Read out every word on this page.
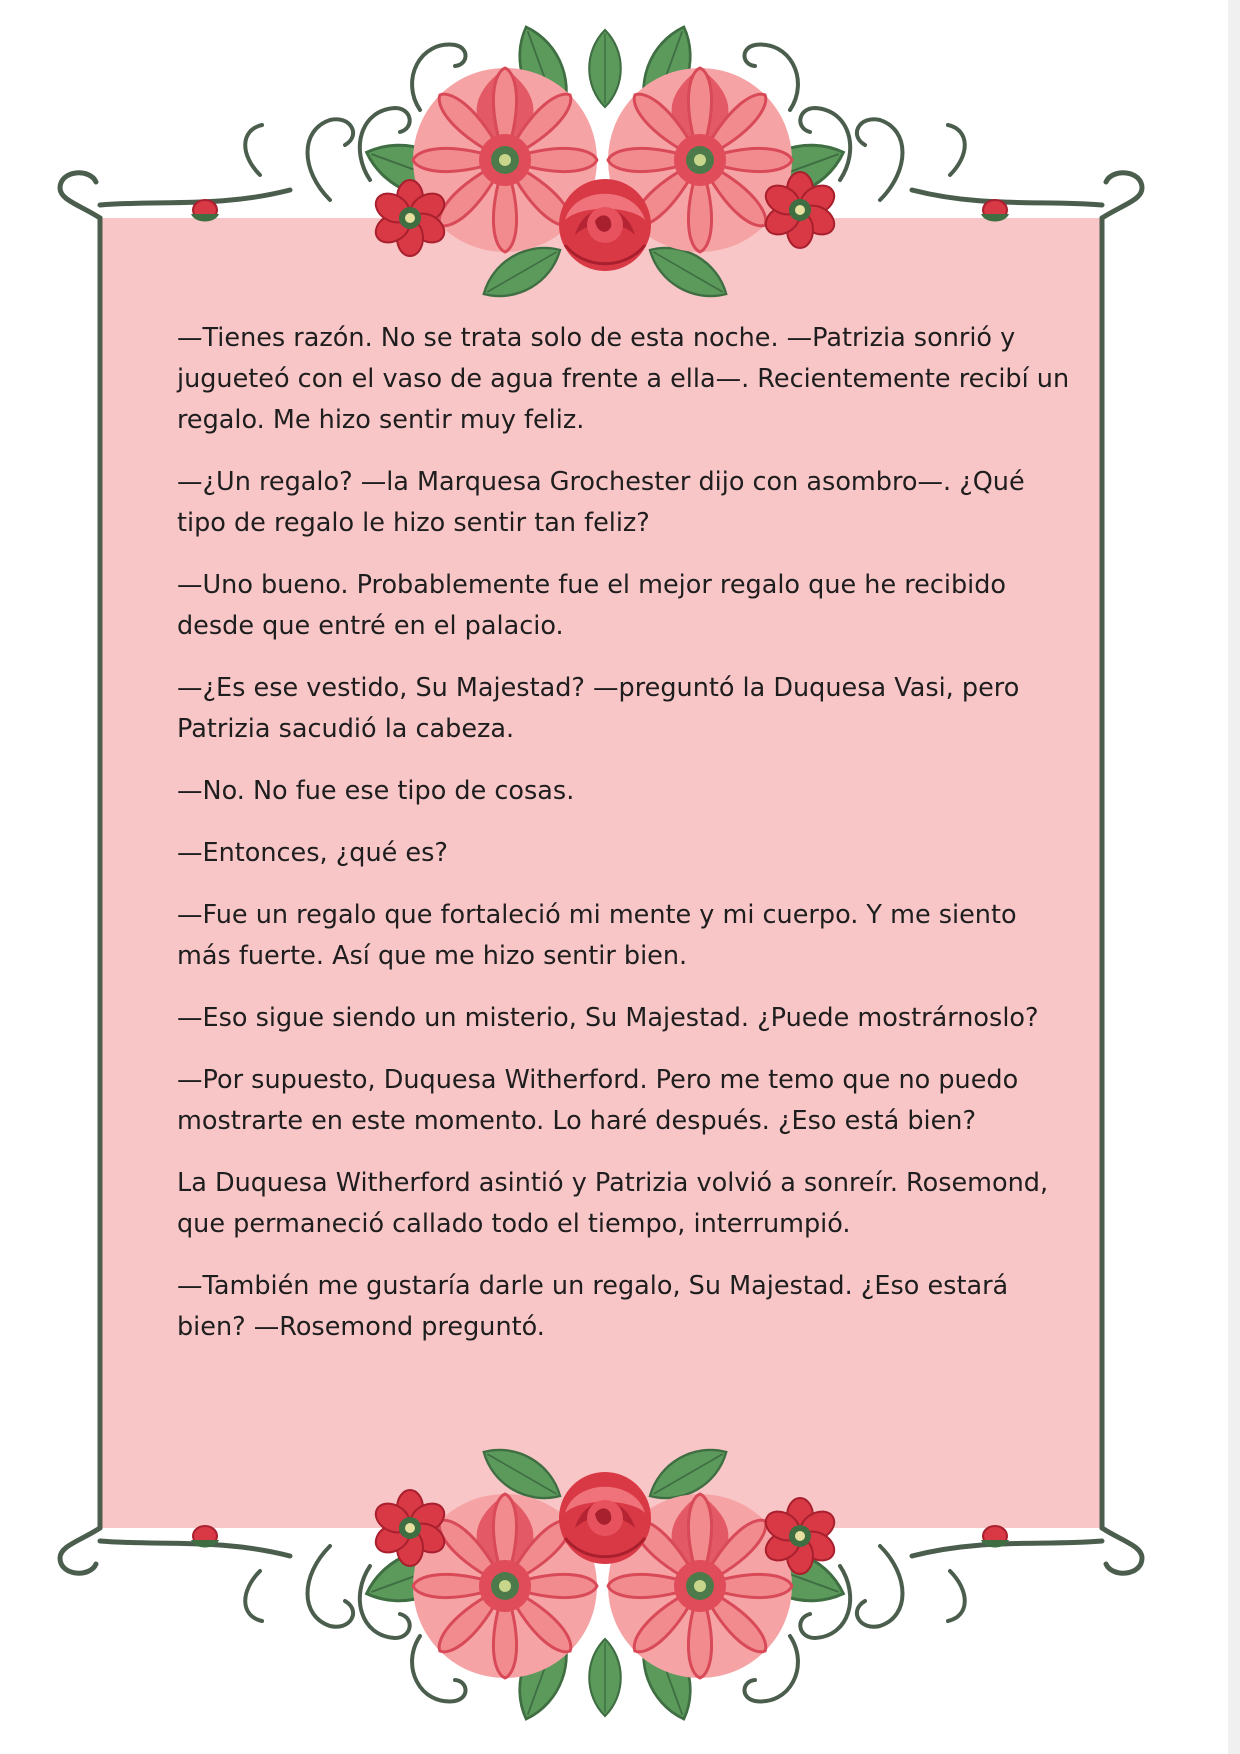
—Tienes razón. No se trata solo de esta noche. —Patrizia sonrió y jugueteó con el vaso de agua frente a ella—. Recientemente recibí un regalo. Me hizo sentir muy feliz.

—¿Un regalo? —la Marquesa Grochester dijo con asombro—. ¿Qué tipo de regalo le hizo sentir tan feliz?

—Uno bueno. Probablemente fue el mejor regalo que he recibido desde que entré en el palacio.

—¿Es ese vestido, Su Majestad? —preguntó la Duquesa Vasi, pero Patrizia sacudió la cabeza.

—No. No fue ese tipo de cosas.

—Entonces, ¿qué es?

—Fue un regalo que fortaleció mi mente y mi cuerpo. Y me siento más fuerte. Así que me hizo sentir bien.

—Eso sigue siendo un misterio, Su Majestad. ¿Puede mostrárnoslo?

—Por supuesto, Duquesa Witherford. Pero me temo que no puedo mostrarte en este momento. Lo haré después. ¿Eso está bien?

La Duquesa Witherford asintió y Patrizia volvió a sonreír. Rosemond, que permaneció callado todo el tiempo, interrumpió.

—También me gustaría darle un regalo, Su Majestad. ¿Eso estará bien? —Rosemond preguntó.
